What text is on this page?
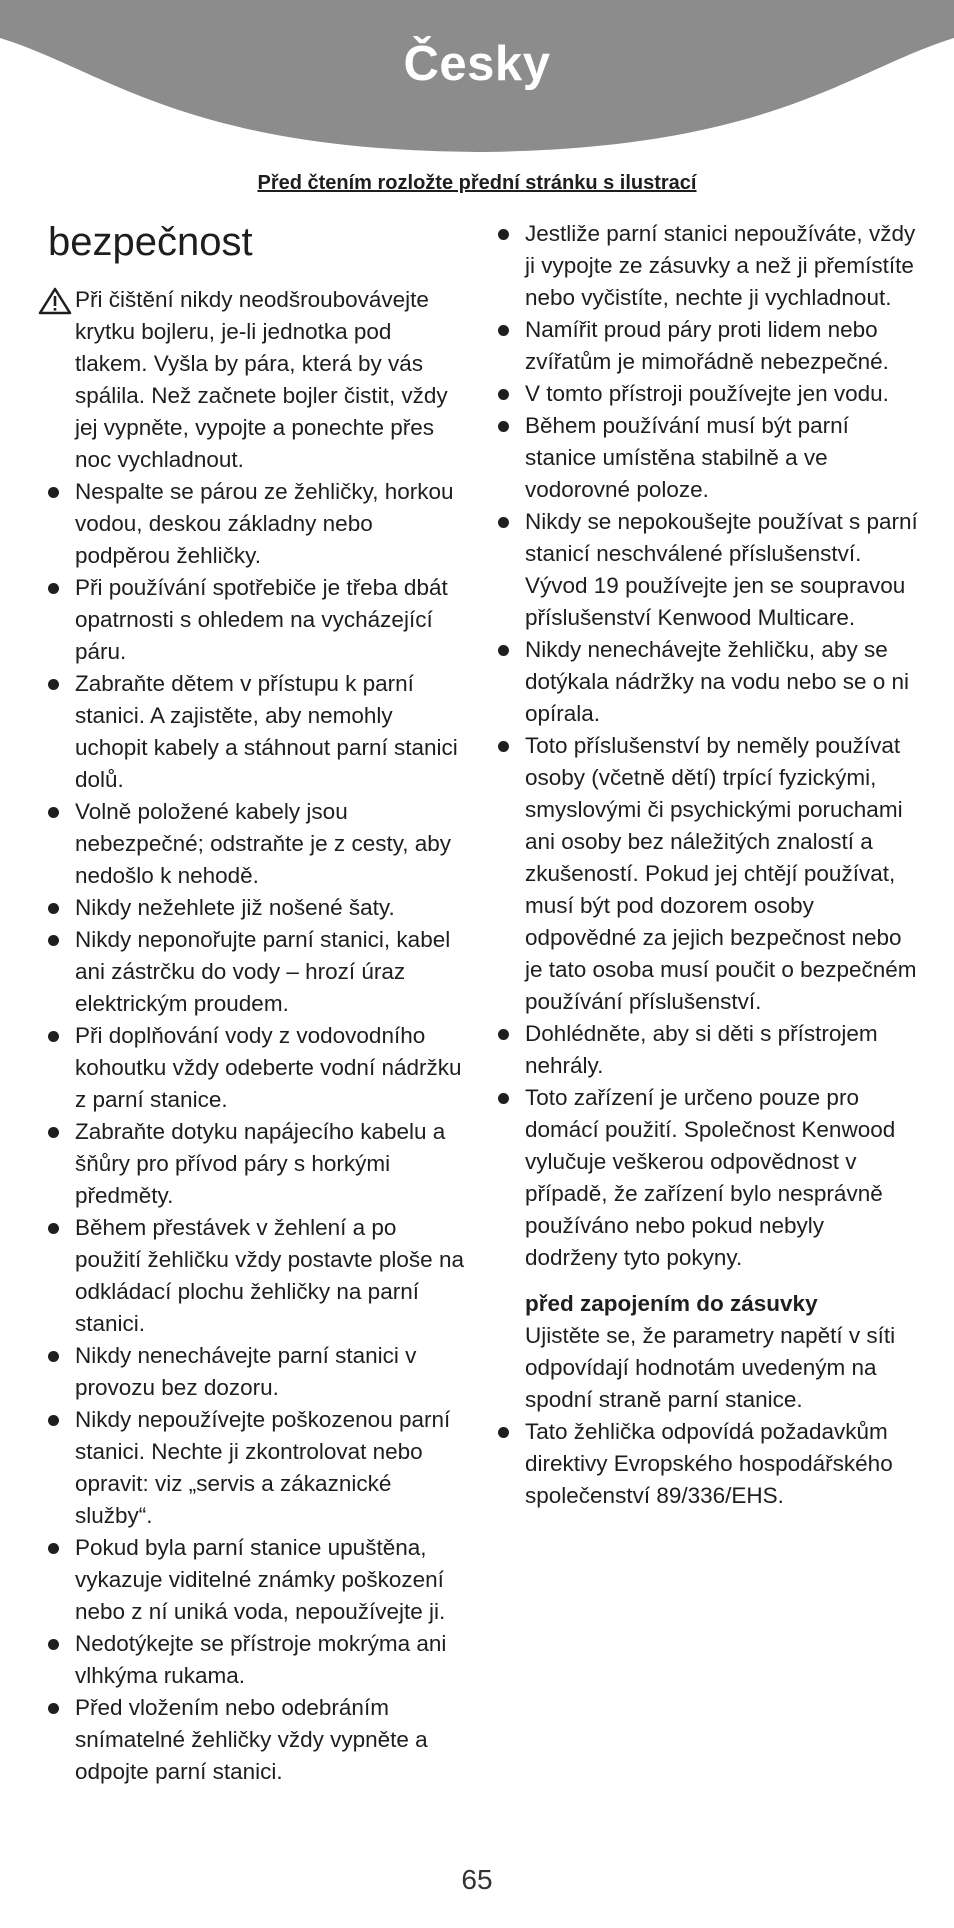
Česky
Před čtením rozložte přední stránku s ilustrací
bezpečnost
Při čištění nikdy neodšroubovávejte krytku bojleru, je-li jednotka pod tlakem. Vyšla by pára, která by vás spálila. Než začnete bojler čistit, vždy jej vypněte, vypojte a ponechte přes noc vychladnout.
Nespalte se párou ze žehličky, horkou vodou, deskou základny nebo podpěrou žehličky.
Při používání spotřebiče je třeba dbát opatrnosti s ohledem na vycházející páru.
Zabraňte dětem v přístupu k parní stanici. A zajistěte, aby nemohly uchopit kabely a stáhnout parní stanici dolů.
Volně položené kabely jsou nebezpečné; odstraňte je z cesty, aby nedošlo k nehodě.
Nikdy nežehlete již nošené šaty.
Nikdy neponořujte parní stanici, kabel ani zástrčku do vody – hrozí úraz elektrickým proudem.
Při doplňování vody z vodovodního kohoutku vždy odeberte vodní nádržku z parní stanice.
Zabraňte dotyku napájecího kabelu a šňůry pro přívod páry s horkými předměty.
Během přestávek v žehlení a po použití žehličku vždy postavte ploše na odkládací plochu žehličky na parní stanici.
Nikdy nenechávejte parní stanici v provozu bez dozoru.
Nikdy nepoužívejte poškozenou parní stanici. Nechte ji zkontrolovat nebo opravit: viz „servis a zákaznické služby“.
Pokud byla parní stanice upuštěna, vykazuje viditelné známky poškození nebo z ní uniká voda, nepoužívejte ji.
Nedotýkejte se přístroje mokrýma ani vlhkýma rukama.
Před vložením nebo odebráním snímatelné žehličky vždy vypněte a odpojte parní stanici.
Jestliže parní stanici nepoužíváte, vždy ji vypojte ze zásuvky a než ji přemístíte nebo vyčistíte, nechte ji vychladnout.
Namířit proud páry proti lidem nebo zvířatům je mimořádně nebezpečné.
V tomto přístroji používejte jen vodu.
Během používání musí být parní stanice umístěna stabilně a ve vodorovné poloze.
Nikdy se nepokoušejte používat s parní stanicí neschválené příslušenství. Vývod 19 používejte jen se soupravou příslušenství Kenwood Multicare.
Nikdy nenechávejte žehličku, aby se dotýkala nádržky na vodu nebo se o ni opírala.
Toto příslušenství by neměly používat osoby (včetně dětí) trpící fyzickými, smyslovými či psychickými poruchami ani osoby bez náležitých znalostí a zkušeností. Pokud jej chtějí používat, musí být pod dozorem osoby odpovědné za jejich bezpečnost nebo je tato osoba musí poučit o bezpečném používání příslušenství.
Dohlédněte, aby si děti s přístrojem nehrály.
Toto zařízení je určeno pouze pro domácí použití. Společnost Kenwood vylučuje veškerou odpovědnost v případě, že zařízení bylo nesprávně používáno nebo pokud nebyly dodrženy tyto pokyny.
před zapojením do zásuvky
Ujistěte se, že parametry napětí v síti odpovídají hodnotám uvedeným na spodní straně parní stanice.
Tato žehlička odpovídá požadavkům direktivy Evropského hospodářského společenství 89/336/EHS.
65
